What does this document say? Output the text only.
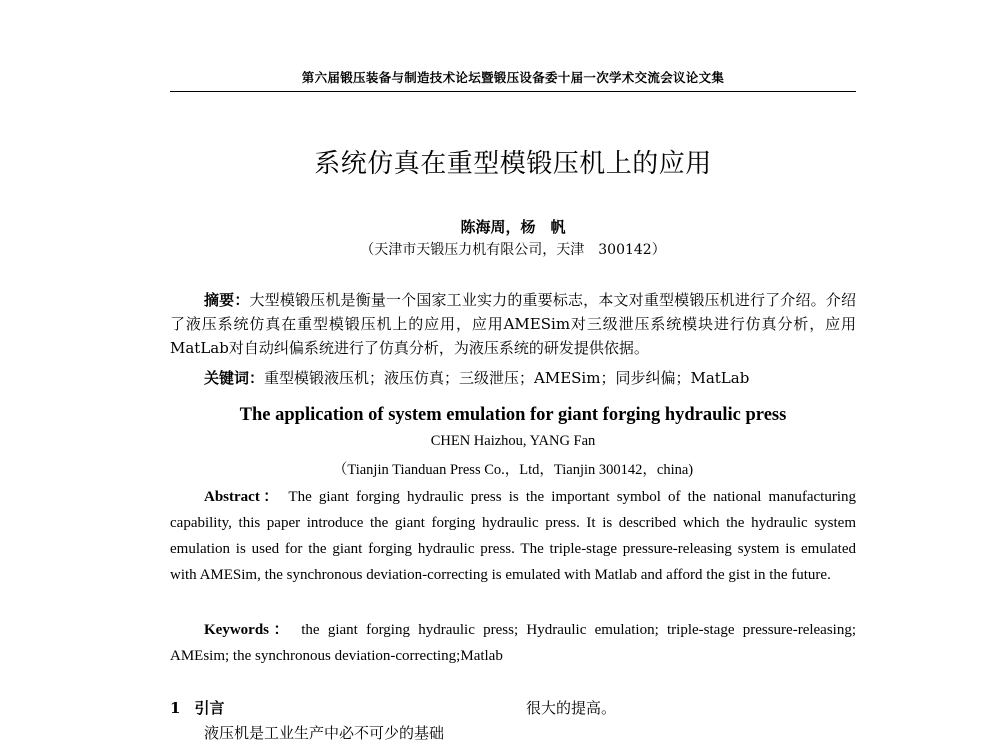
第六届锻压装备与制造技术论坛暨锻压设备委十届一次学术交流会议论文集
系统仿真在重型模锻压机上的应用
陈海周，杨　帆
（天津市天锻压力机有限公司，天津　300142）
摘要：大型模锻压机是衡量一个国家工业实力的重要标志，本文对重型模锻压机进行了介绍。介绍了液压系统仿真在重型模锻压机上的应用，应用AMESim对三级泄压系统模块进行仿真分析，应用MatLab对自动纠偏系统进行了仿真分析，为液压系统的研发提供依据。
关键词：重型模锻液压机；液压仿真；三级泄压；AMESim；同步纠偏；MatLab
The application of system emulation for giant forging hydraulic press
CHEN Haizhou, YANG Fan
（Tianjin Tianduan Press Co.，Ltd，Tianjin 300142，china)
Abstract： The giant forging hydraulic press is the important symbol of the national manufacturing capability, this paper introduce the giant forging hydraulic press. It is described which the hydraulic system emulation is used for the giant forging hydraulic press. The triple-stage pressure-releasing system is emulated with AMESim, the synchronous deviation-correcting is emulated with Matlab and afford the gist in the future.
Keywords： the giant forging hydraulic press; Hydraulic emulation; triple-stage pressure-releasing; AMEsim; the synchronous deviation-correcting;Matlab
1 引言
液压机是工业生产中必不可少的基础
很大的提高。
